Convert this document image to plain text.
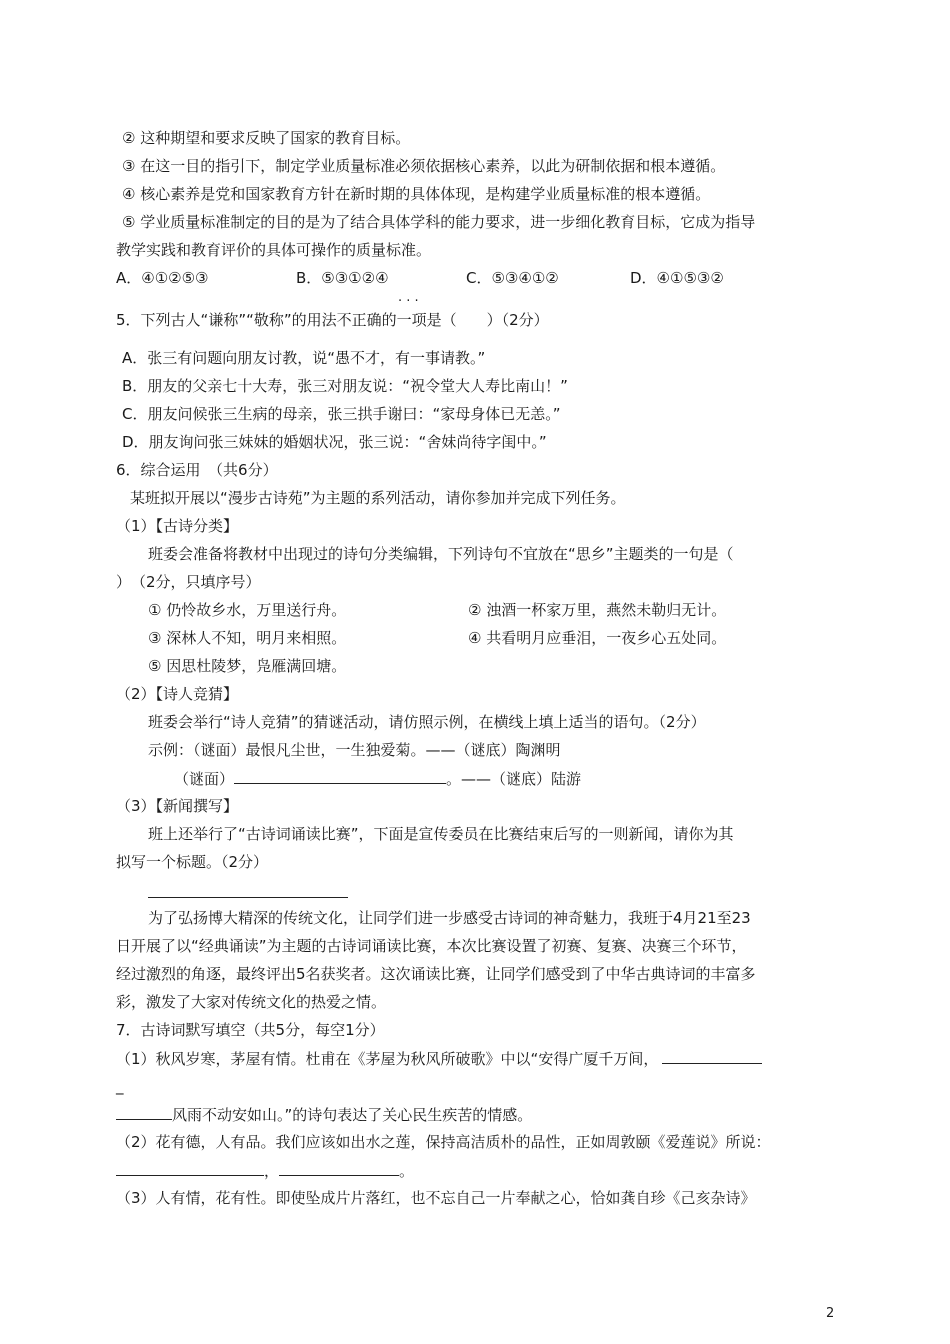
② 这种期望和要求反映了国家的教育目标。
③ 在这一目的指引下，制定学业质量标准必须依据核心素养，以此为研制依据和根本遵循。
④ 核心素养是党和国家教育方针在新时期的具体体现，是构建学业质量标准的根本遵循。
⑤ 学业质量标准制定的目的是为了结合具体学科的能力要求，进一步细化教育目标，它成为指导
教学实践和教育评价的具体可操作的质量标准。
A．④①②⑤③	B．⑤③①②④	C．⑤③④①②	D．④①⑤③②
· · ·
5．下列古人“谦称”“敬称”的用法不正确的一项是（　　）（2分）
A．张三有问题向朋友讨教，说“愚不才，有一事请教。”
B．朋友的父亲七十大寿，张三对朋友说：“祝令堂大人寿比南山！”
C．朋友问候张三生病的母亲，张三拱手谢曰：“家母身体已无恙。”
D．朋友询问张三妹妹的婚姻状况，张三说：“舍妹尚待字闺中。”
6．综合运用　（共6分）
某班拟开展以“漫步古诗苑”为主题的系列活动，请你参加并完成下列任务。
（1）【古诗分类】
班委会准备将教材中出现过的诗句分类编辑，下列诗句不宜放在“思乡”主题类的一句是（
）　（2分，只填序号）
① 仍怜故乡水，万里送行舟。	② 浊酒一杯家万里，燕然未勒归无计。
③ 深林人不知，明月来相照。	④ 共看明月应垂泪，一夜乡心五处同。
⑤ 因思杜陵梦，凫雁满回塘。
（2）【诗人竞猜】
班委会举行“诗人竞猜”的猜谜活动，请仿照示例，在横线上填上适当的语句。（2分）
示例：（谜面）最恨凡尘世，一生独爱菊。——（谜底）陶渊明
（谜面）	。——（谜底）陆游
（3）【新闻撰写】
班上还举行了“古诗词诵读比赛”，下面是宣传委员在比赛结束后写的一则新闻，请你为其
拟写一个标题。（2分）
为了弘扬博大精深的传统文化，让同学们进一步感受古诗词的神奇魅力，我班于4月21至23
日开展了以“经典诵读”为主题的古诗词诵读比赛，本次比赛设置了初赛、复赛、决赛三个环节，
经过激烈的角逐，最终评出5名获奖者。这次诵读比赛，让同学们感受到了中华古典诗词的丰富多
彩，激发了大家对传统文化的热爱之情。
7．古诗词默写填空（共5分，每空1分）
（1）秋风岁寒，茅屋有情。杜甫在《茅屋为秋风所破歌》中以“安得广厦千万间，
_
风雨不动安如山。”的诗句表达了关心民生疾苦的情感。
（2）花有德，人有品。我们应该如出水之莲，保持高洁质朴的品性，正如周敦颐《爱莲说》所说：
，	。
（3）人有情，花有性。即使坠成片片落红，也不忘自己一片奉献之心，恰如龚自珍《己亥杂诗》
2
